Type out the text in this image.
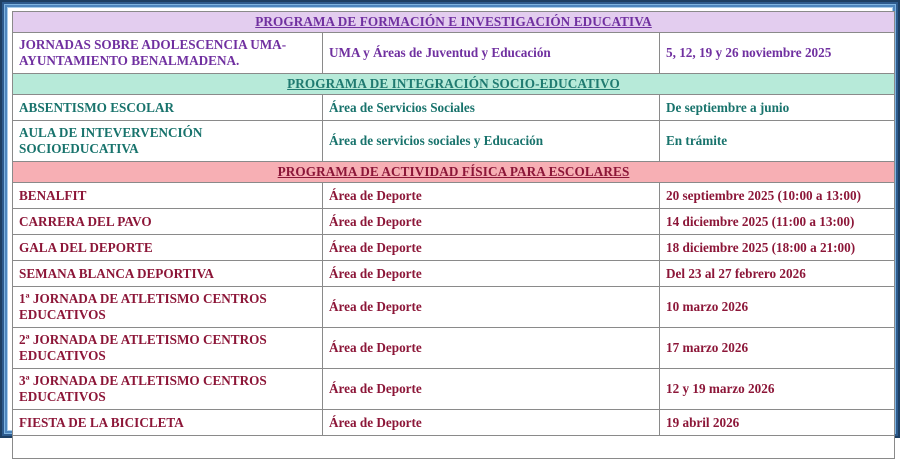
PROGRAMA DE FORMACIÓN E INVESTIGACIÓN EDUCATIVA		
JORNADAS SOBRE ADOLESCENCIA UMA-AYUNTAMIENTO BENALMADENA.	UMA y Áreas de Juventud y Educación	5, 12, 19 y 26 noviembre 2025
PROGRAMA DE INTEGRACIÓN SOCIO-EDUCATIVO		
ABSENTISMO ESCOLAR	Área de Servicios Sociales	De septiembre a junio
AULA DE INTEVERVENCIÓN SOCIOEDUCATIVA	Área de servicios sociales y Educación	En trámite
PROGRAMA DE ACTIVIDAD FÍSICA PARA ESCOLARES		
BENALFIT	Área de Deporte	20 septiembre 2025 (10:00 a 13:00)
CARRERA DEL PAVO	Área de Deporte	14 diciembre 2025 (11:00 a 13:00)
GALA DEL DEPORTE	Área de Deporte	18 diciembre 2025 (18:00 a 21:00)
SEMANA BLANCA DEPORTIVA	Área de Deporte	Del 23 al 27 febrero 2026
1ª JORNADA DE ATLETISMO CENTROS EDUCATIVOS	Área de Deporte	10 marzo 2026
2ª JORNADA DE ATLETISMO CENTROS EDUCATIVOS	Área de Deporte	17 marzo 2026
3ª JORNADA DE ATLETISMO CENTROS EDUCATIVOS	Área de Deporte	12 y 19 marzo 2026
FIESTA DE LA BICICLETA	Área de Deporte	19 abril 2026
